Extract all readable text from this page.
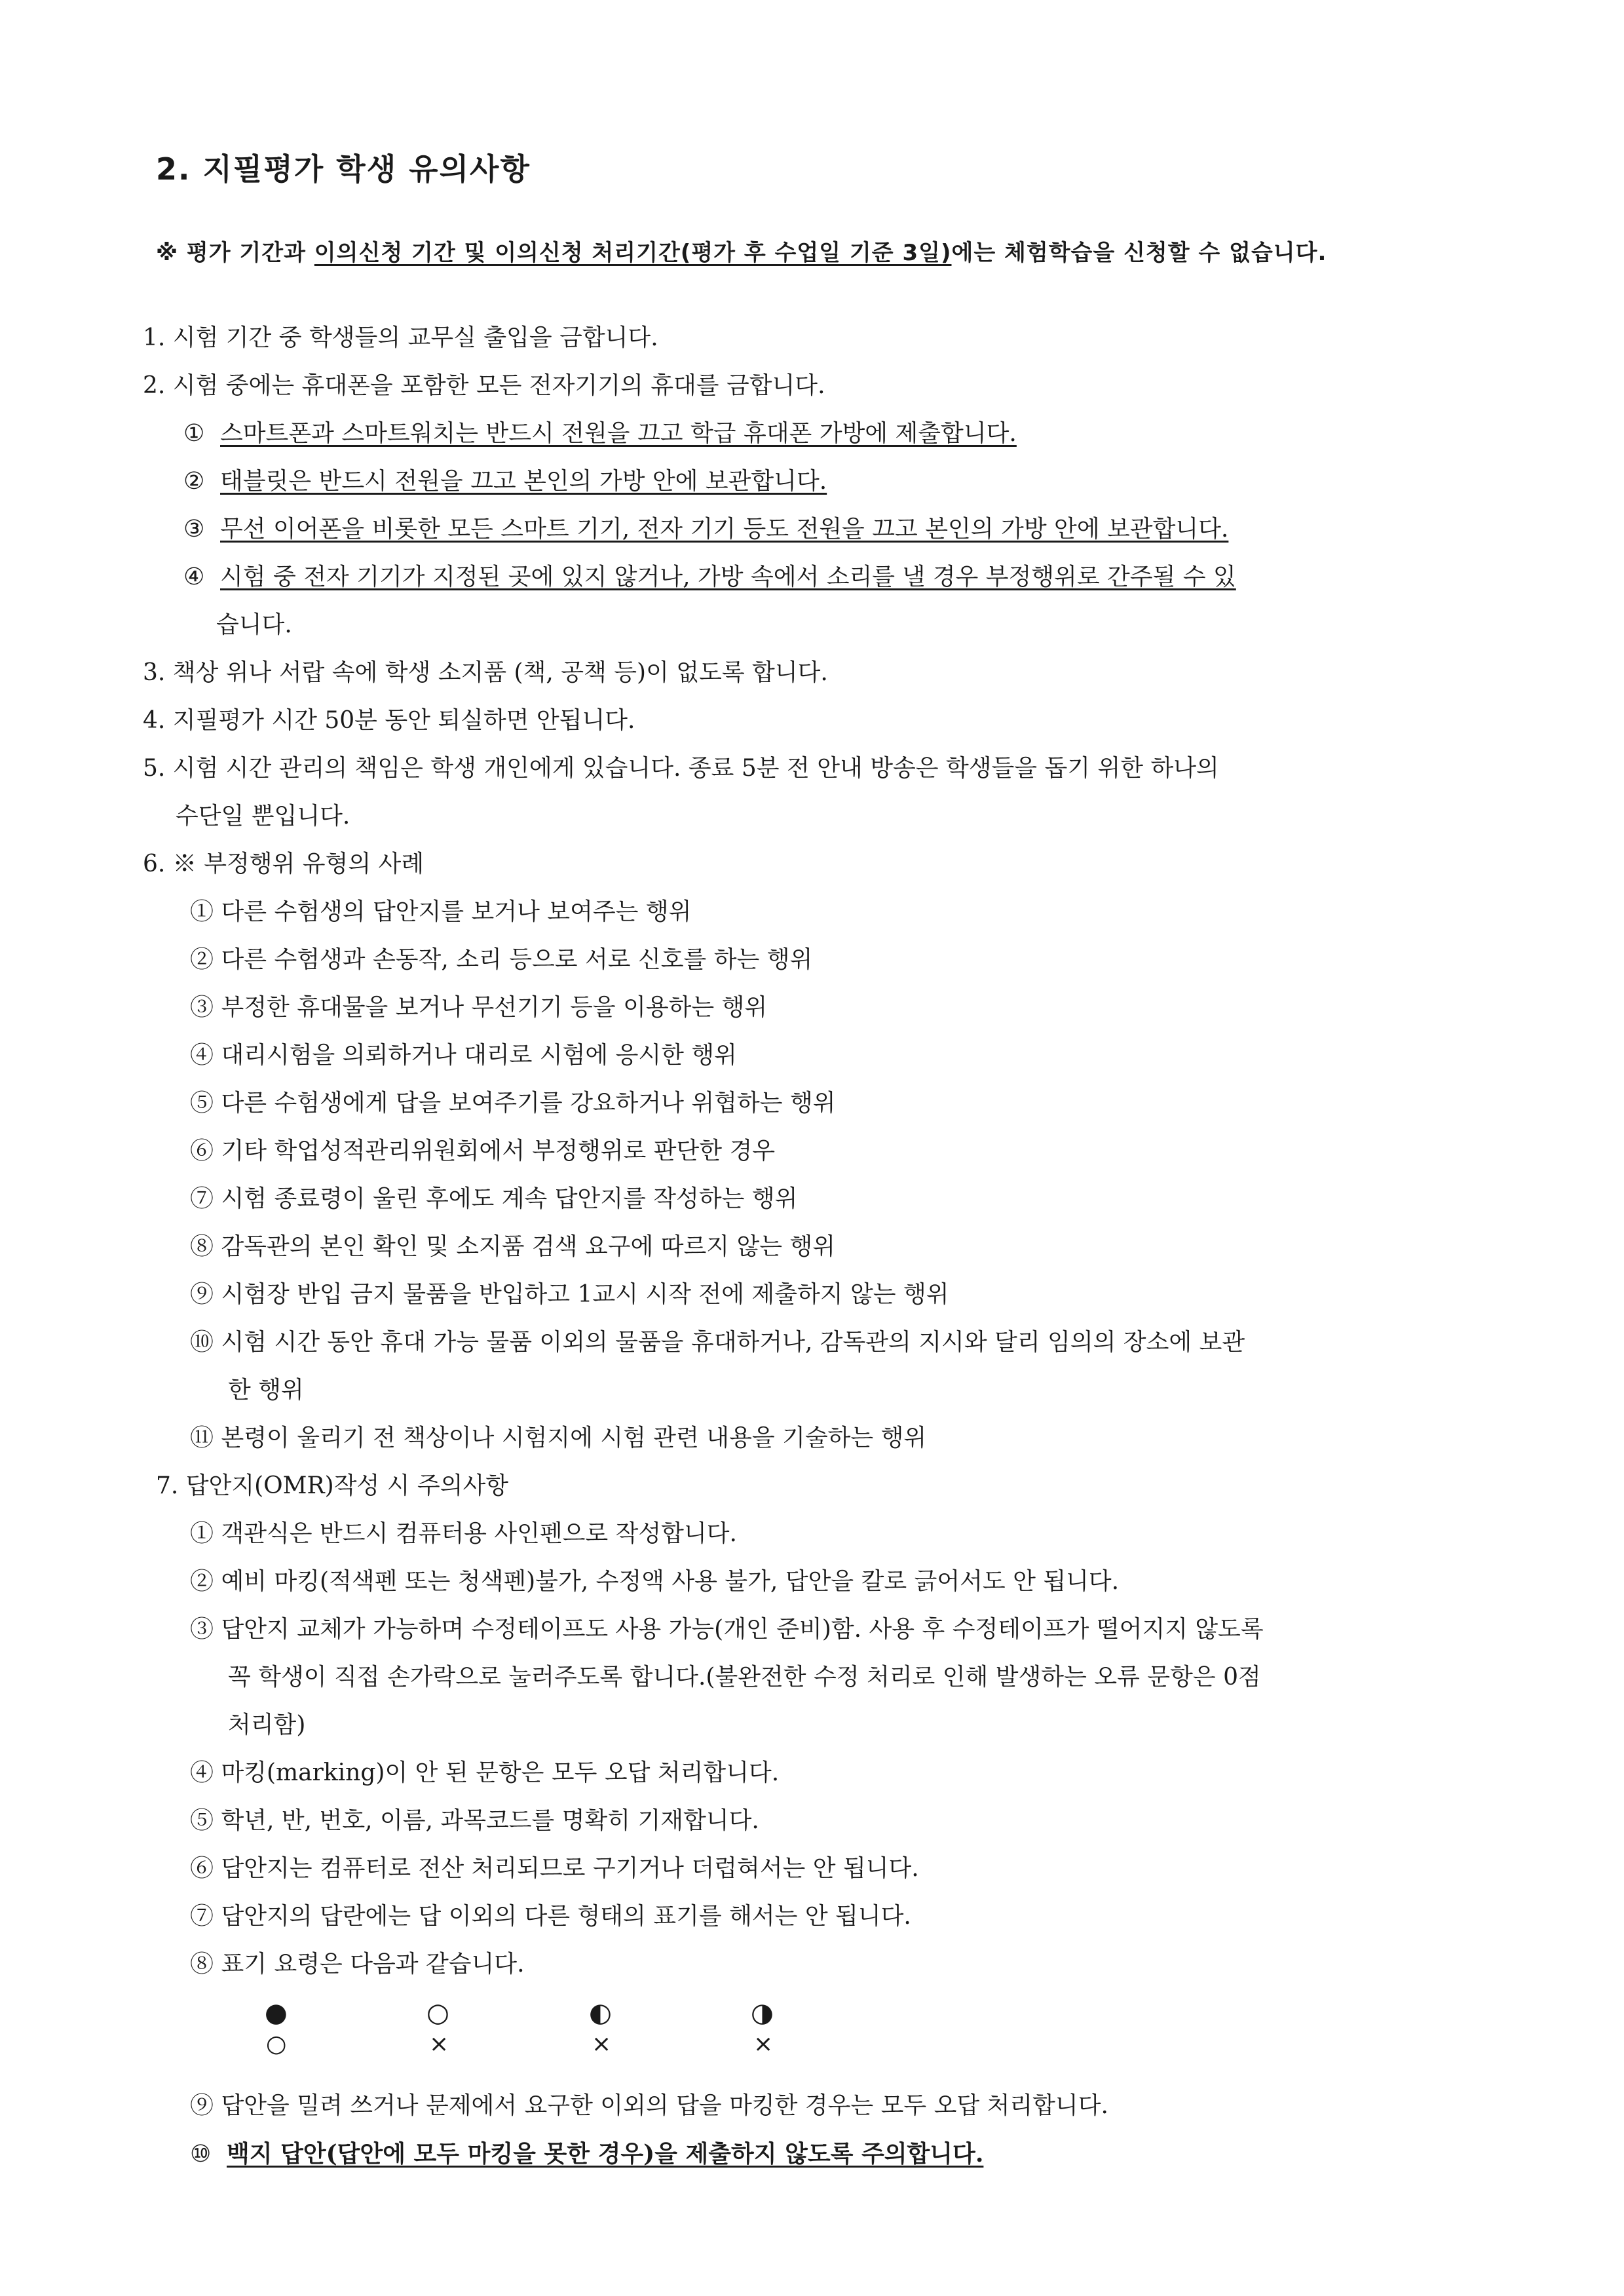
2. 지필평가 학생 유의사항
※ 평가 기간과 이의신청 기간 및 이의신청 처리기간(평가 후 수업일 기준 3일)에는 체험학습을 신청할 수 없습니다.
1. 시험 기간 중 학생들의 교무실 출입을 금합니다.
2. 시험 중에는 휴대폰을 포함한 모든 전자기기의 휴대를 금합니다.
① 스마트폰과 스마트워치는 반드시 전원을 끄고 학급 휴대폰 가방에 제출합니다.
② 태블릿은 반드시 전원을 끄고 본인의 가방 안에 보관합니다.
③ 무선 이어폰을 비롯한 모든 스마트 기기, 전자 기기 등도 전원을 끄고 본인의 가방 안에 보관합니다.
④ 시험 중 전자 기기가 지정된 곳에 있지 않거나, 가방 속에서 소리를 낼 경우 부정행위로 간주될 수 있
습니다.
3. 책상 위나 서랍 속에 학생 소지품 (책, 공책 등)이 없도록 합니다.
4. 지필평가 시간 50분 동안 퇴실하면 안됩니다.
5. 시험 시간 관리의 책임은 학생 개인에게 있습니다. 종료 5분 전 안내 방송은 학생들을 돕기 위한 하나의
수단일 뿐입니다.
6. ※ 부정행위 유형의 사례
① 다른 수험생의 답안지를 보거나 보여주는 행위
② 다른 수험생과 손동작, 소리 등으로 서로 신호를 하는 행위
③ 부정한 휴대물을 보거나 무선기기 등을 이용하는 행위
④ 대리시험을 의뢰하거나 대리로 시험에 응시한 행위
⑤ 다른 수험생에게 답을 보여주기를 강요하거나 위협하는 행위
⑥ 기타 학업성적관리위원회에서 부정행위로 판단한 경우
⑦ 시험 종료령이 울린 후에도 계속 답안지를 작성하는 행위
⑧ 감독관의 본인 확인 및 소지품 검색 요구에 따르지 않는 행위
⑨ 시험장 반입 금지 물품을 반입하고 1교시 시작 전에 제출하지 않는 행위
⑩ 시험 시간 동안 휴대 가능 물품 이외의 물품을 휴대하거나, 감독관의 지시와 달리 임의의 장소에 보관
한 행위
⑪ 본령이 울리기 전 책상이나 시험지에 시험 관련 내용을 기술하는 행위
7. 답안지(OMR)작성 시 주의사항
① 객관식은 반드시 컴퓨터용 사인펜으로 작성합니다.
② 예비 마킹(적색펜 또는 청색펜)불가, 수정액 사용 불가, 답안을 칼로 긁어서도 안 됩니다.
③ 답안지 교체가 가능하며 수정테이프도 사용 가능(개인 준비)함. 사용 후 수정테이프가 떨어지지 않도록
꼭 학생이 직접 손가락으로 눌러주도록 합니다.(불완전한 수정 처리로 인해 발생하는 오류 문항은 0점
처리함)
④ 마킹(marking)이 안 된 문항은 모두 오답 처리합니다.
⑤ 학년, 반, 번호, 이름, 과목코드를 명확히 기재합니다.
⑥ 답안지는 컴퓨터로 전산 처리되므로 구기거나 더럽혀서는 안 됩니다.
⑦ 답안지의 답란에는 답 이외의 다른 형태의 표기를 해서는 안 됩니다.
⑧ 표기 요령은 다음과 같습니다.
●	○	◐	◑
○	×	×	×
⑨ 답안을 밀려 쓰거나 문제에서 요구한 이외의 답을 마킹한 경우는 모두 오답 처리합니다.
⑩ 백지 답안(답안에 모두 마킹을 못한 경우)을 제출하지 않도록 주의합니다.
